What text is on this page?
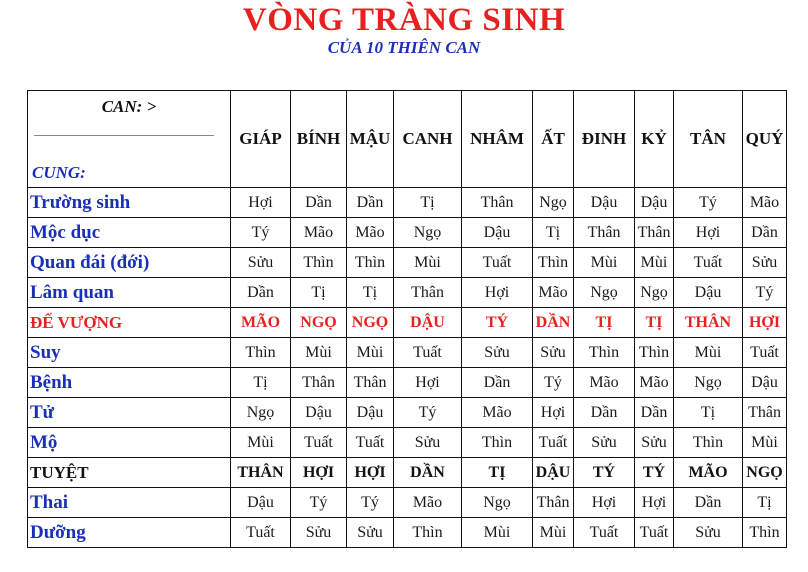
VÒNG TRÀNG SINH
CỦA 10 THIÊN CAN
CAN: >
CUNG:	GIÁP	BÍNH	MẬU	CANH	NHÂM	ẤT	ĐINH	KỶ	TÂN	QUÝ
Trường sinh	Hợi	Dần	Dần	Tị	Thân	Ngọ	Dậu	Dậu	Tý	Mão
Mộc dục	Tý	Mão	Mão	Ngọ	Dậu	Tị	Thân	Thân	Hợi	Dần
Quan đái (đới)	Sửu	Thìn	Thìn	Mùi	Tuất	Thìn	Mùi	Mùi	Tuất	Sửu
Lâm quan	Dần	Tị	Tị	Thân	Hợi	Mão	Ngọ	Ngọ	Dậu	Tý
ĐẾ VƯỢNG	MÃO	NGỌ	NGỌ	DẬU	TÝ	DẦN	TỊ	TỊ	THÂN	HỢI
Suy	Thìn	Mùi	Mùi	Tuất	Sửu	Sửu	Thìn	Thìn	Mùi	Tuất
Bệnh	Tị	Thân	Thân	Hợi	Dần	Tý	Mão	Mão	Ngọ	Dậu
Tử	Ngọ	Dậu	Dậu	Tý	Mão	Hợi	Dần	Dần	Tị	Thân
Mộ	Mùi	Tuất	Tuất	Sửu	Thìn	Tuất	Sửu	Sửu	Thìn	Mùi
TUYỆT	THÂN	HỢI	HỢI	DẦN	TỊ	DẬU	TÝ	TÝ	MÃO	NGỌ
Thai	Dậu	Tý	Tý	Mão	Ngọ	Thân	Hợi	Hợi	Dần	Tị
Dưỡng	Tuất	Sửu	Sửu	Thìn	Mùi	Mùi	Tuất	Tuất	Sửu	Thìn
